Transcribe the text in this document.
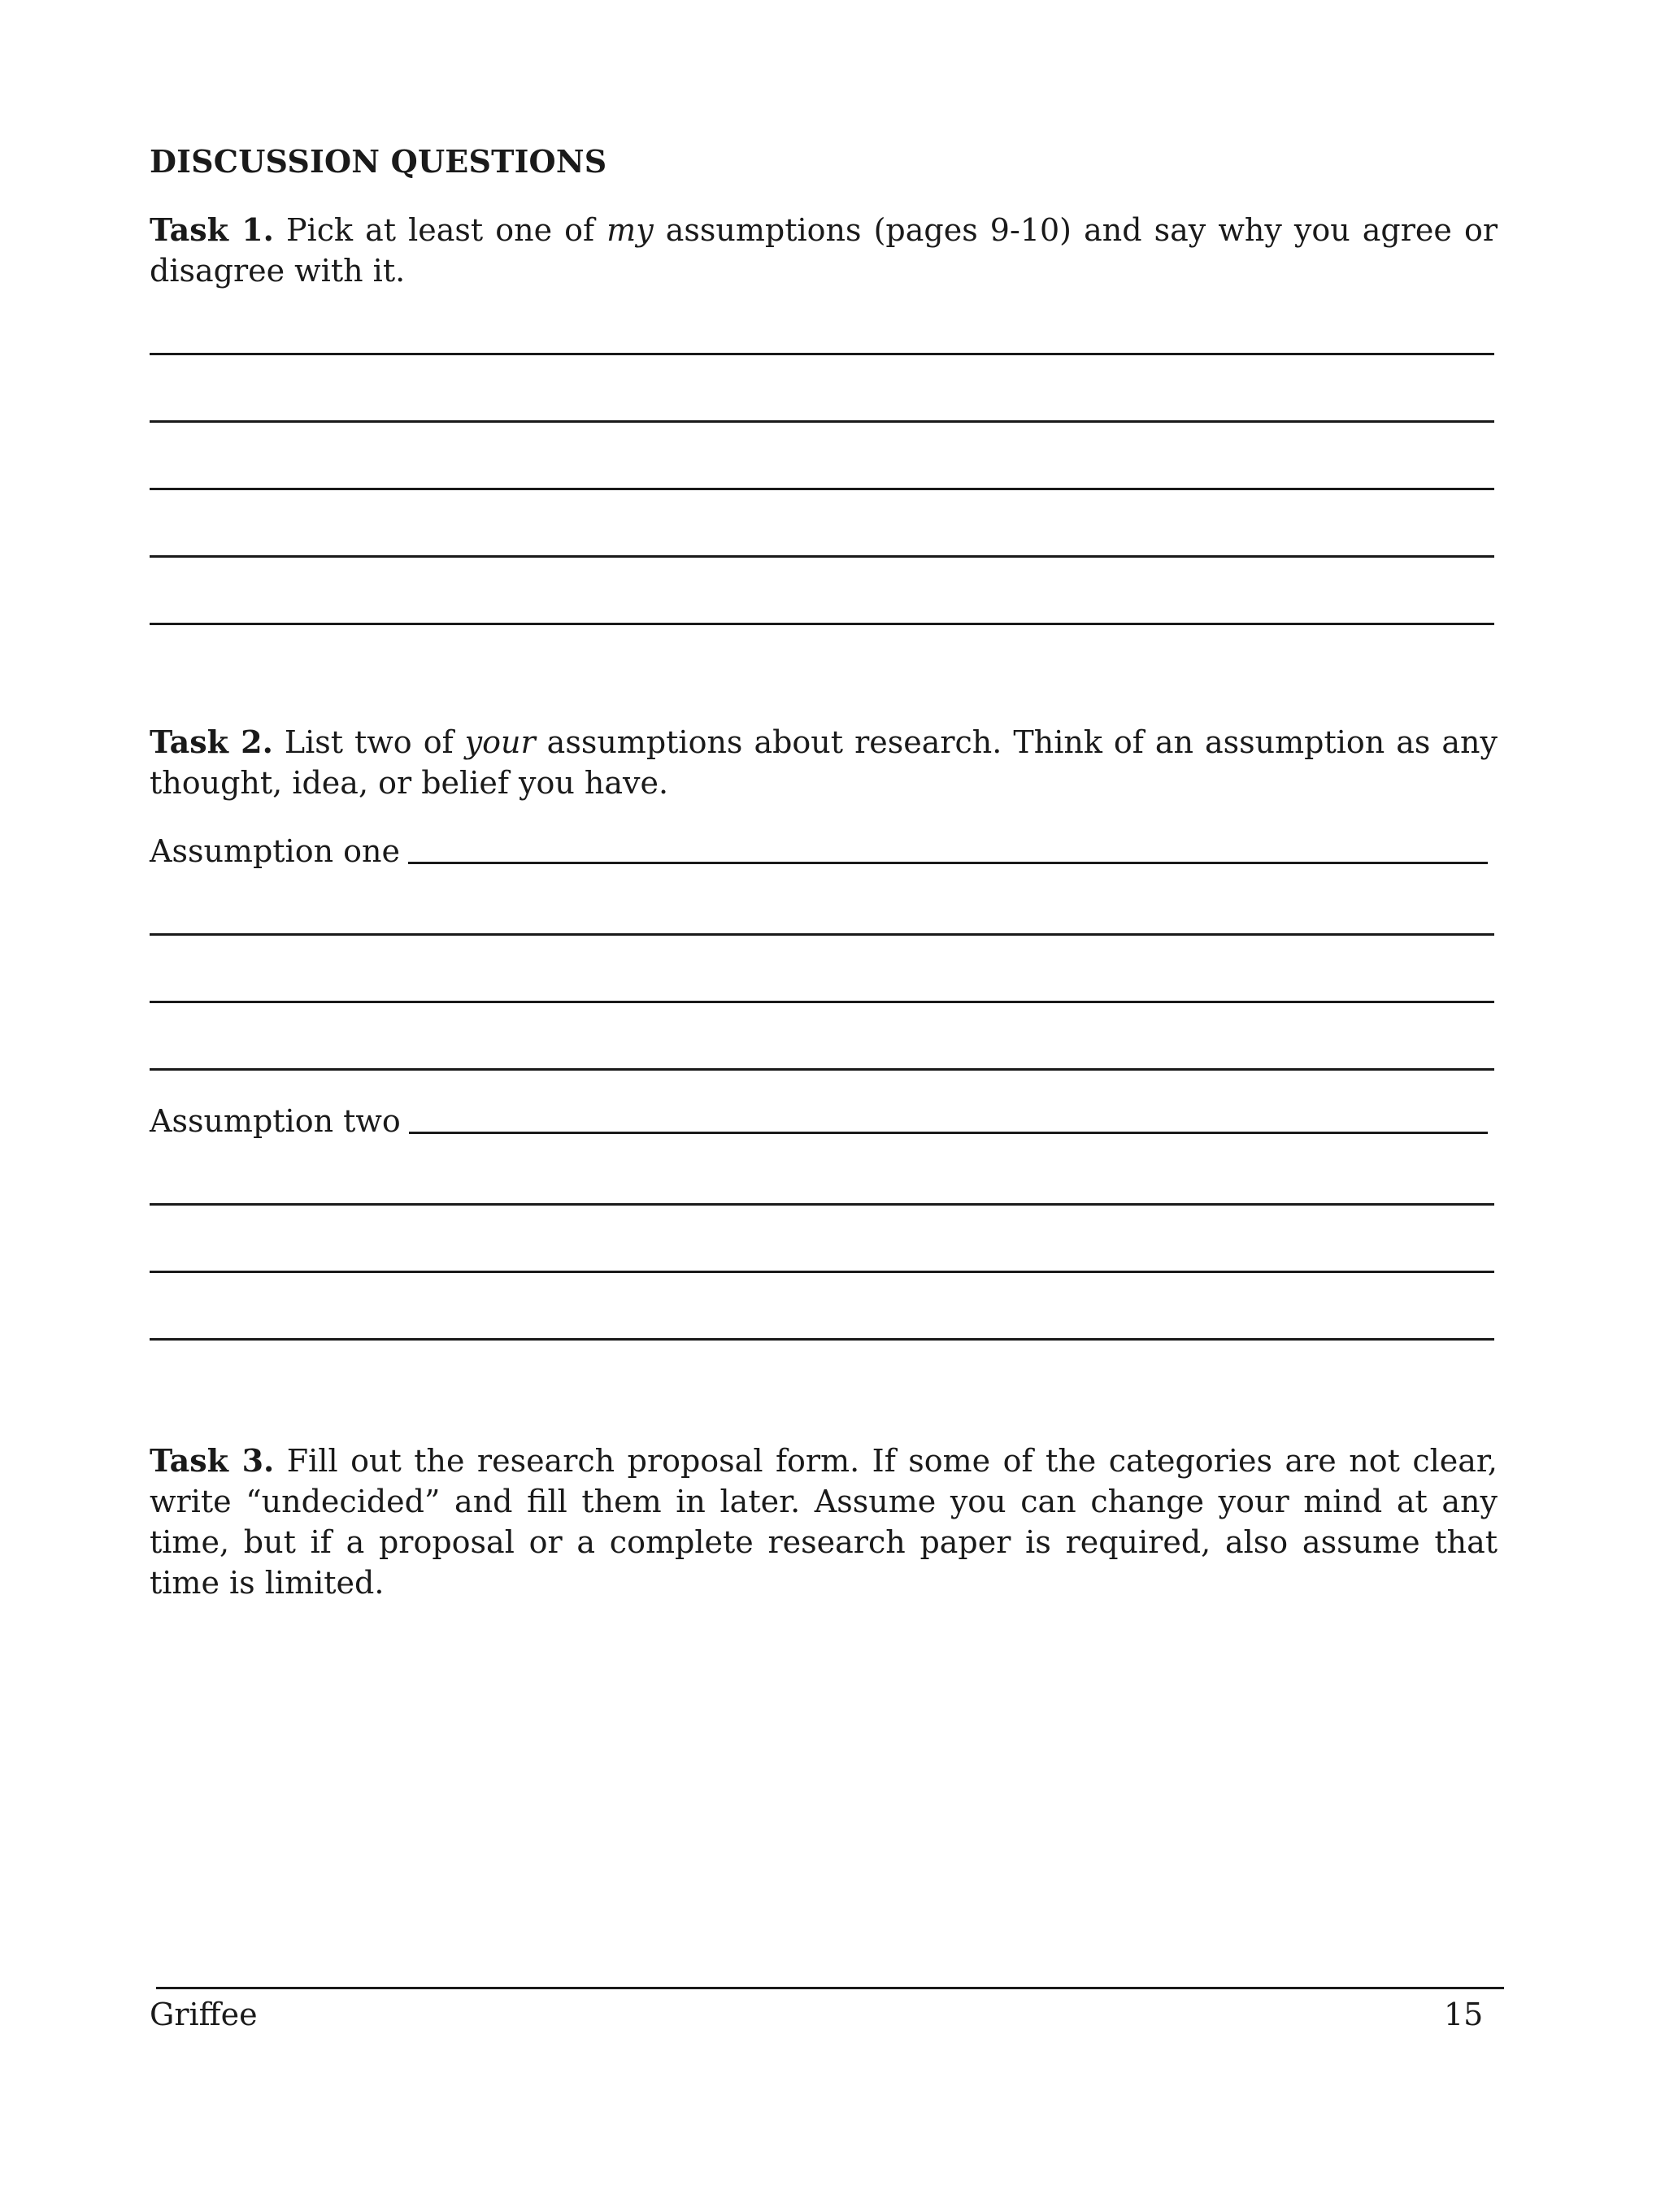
DISCUSSION QUESTIONS
Task 1. Pick at least one of my assumptions (pages 9-10) and say why you agree or disagree with it.
Task 2. List two of your assumptions about research. Think of an assumption as any thought, idea, or belief you have.
Assumption one
Assumption two
Task 3. Fill out the research proposal form. If some of the categories are not clear, write “undecided” and fill them in later. Assume you can change your mind at any time, but if a proposal or a complete research paper is required, also assume that time is limited.
Griffee	15
